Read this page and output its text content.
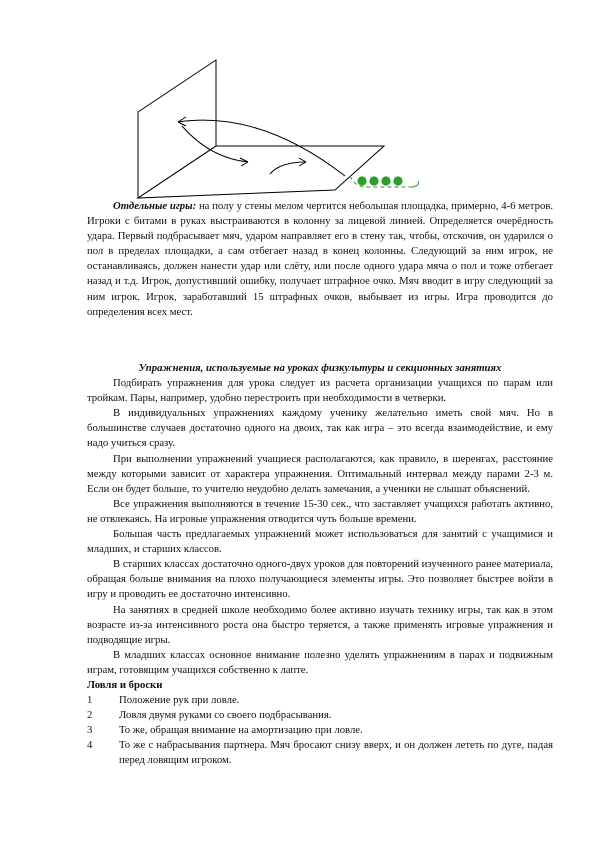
Отдельные игры: на полу у стены мелом чертится небольшая площадка, примерно, 4-6 метров. Игроки с битами в руках выстраиваются в колонну за лицевой линией. Определяется очерёдность удара. Первый подбрасывает мяч, ударом направляет его в стену так, чтобы, отскочив, он ударился о пол в пределах площадки, а сам отбегает назад в конец колонны. Следующий за ним игрок, не останавливаясь, должен нанести удар или слёту, или после одного удара мяча о пол и тоже отбегает назад и т.д. Игрок, допустивший ошибку, получает штрафное очко. Мяч вводит в игру следующий за ним игрок. Игрок, заработавший 15 штрафных очков, выбывает из игры. Игра проводится до определения всех мест.

Упражнения, используемые на уроках физкультуры и секционных занятиях

Подбирать упражнения для урока следует из расчета организации учащихся по парам или тройкам. Пары, например, удобно перестроить при необходимости в четверки.

В индивидуальных упражнениях каждому ученику желательно иметь свой мяч. Но в большинстве случаев достаточно одного на двоих, так как игра – это всегда взаимодействие, и ему надо учиться сразу.

При выполнении упражнений учащиеся располагаются, как правило, в шеренгах, расстояние между которыми зависит от характера упражнения. Оптимальный интервал между парами 2-3 м. Если он будет больше, то учителю неудобно делать замечания, а ученики не слышат объяснений.

Все упражнения выполняются в течение 15-30 сек., что заставляет учащихся работать активно, не отвлекаясь. На игровые упражнения отводится чуть больше времени.

Большая часть предлагаемых упражнений может использоваться для занятий с учащимися и младших, и старших классов.

В старших классах достаточно одного-двух уроков для повторений изученного ранее материала, обращая больше внимания на плохо получающиеся элементы игры. Это позволяет быстрее войти в игру и проводить ее достаточно интенсивно.

На занятиях в средней школе необходимо более активно изучать технику игры, так как в этом возрасте из-за интенсивного роста она быстро теряется, а также применять игровые упражнения и подводящие игры.

В младших классах основное внимание полезно уделять упражнениям в парах и подвижным играм, готовящим учащихся собственно к лапте.

Ловля и броски

1	Положение рук при ловле.
2	Ловля двумя руками со своего подбрасывания.
3	То же, обращая внимание на амортизацию при ловле.
4	То же с набрасывания партнера. Мяч бросают снизу вверх, и он должен лететь по дуге, падая перед ловящим игроком.
